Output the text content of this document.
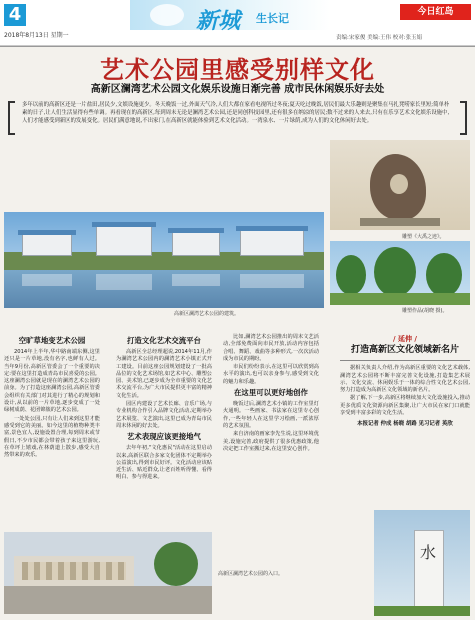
4
2018年8月13日 星期一
新城 生长记
责编:宋家俊 美编:王伟 校对:张玉娟
今日红岛
艺术公园里感受别样文化
高新区澜湾艺术公园文化娱乐设施日渐完善 成市民休闲娱乐好去处

多年以前的高新区还是一片盐田,居民少,文娱设施更少。冬天晚饭一过,外面天气冷,人们大都在家看电视所过冬夜;夏天吃过晚饭,居民们最大乐趣则是聚集在马扎凳唠家长里短;简单朴素的日子,让人们生活显得有些单调。再看现在的高新区,每到周末无论是澜湾艺术公园,还是同创科技园里,还有很多在纳凉的居民;数不过来的人来去,只有在乐享艺术文化娱乐设施中,人们才能感受到新区的发展变化。居民们满意地说,不出家门,在高新区就能体验到艺术文化活动。一湾泉水、一片绿荫,成为人们的文化休闲好去处。

高新区澜湾艺术公园的建筑。
雕塑《大禹之迹》。
雕塑作品(胡晓 摄)。
空旷草地变艺术公园

2014年上半年,华中路南端东侧,这里还只是一片草地,没有名字,也鲜有人过。当年9月份,高新区管委会了一个重要的决定:要在这里打造成青岛市民喜爱的公园。这座澜湾公园就是现在的澜湾艺术公园的前身。为了打造这座澜湾公园,高新区管委会组织有关部门对其进行了精心的规划和设计,从以前的一片草地,逐步变成了一处绿树成荫、花团锦簇的艺术公园。

一处处公园,只有让人们来到这里才能感受到它的美丽。如今这里的植物种类丰富,景色宜人,设施设置合理,每到周末或节假日,不少市民都会带着孩子来这里游玩,在草坪上嬉戏,在林荫道上散步,感受大自然带来的欢乐。

打造文化艺术交流平台

高新区全总经理超说,2014年11月,作为澜湾艺术公园内的澜湾艺术小镇正式开工建设。目前这座公园规划建设了一批高品位的文化艺术场馆,如艺术中心、雕塑公园、美术馆,已逐步成为全市重要的文化艺术交流平台,为广大市民提供更丰富的精神文化生活。

园区内建设了艺术长廊、音乐广场,与专业机构合作引入品牌文化活动,定期举办艺术展览、文艺演出,这里已成为青岛市民周末休闲的好去处。

艺术表现应该更接地气

去年年初,"文化惠民"活动在这里启动以来,高新区联合多家文化团体不定期举办公益演出,得到市民好评。文化活动应该贴近生活、贴近群众,让老百姓听得懂、看得明白、参与得进来。

比如,澜湾艺术公园推出的周末文艺活动,全部免费面向市民开放,活动内容包括合唱、舞蹈、戏曲等多种形式,一次次活动成为市民的期盼。

市民们纷纷表示,在这里可以欣赏到高水平的演出,也可以亲身参与,感受到文化的魅力和乐趣。

在这里可以更好地创作

晚饭过后,澜湾艺术小镇的工作室里灯火通明。一些画家、书法家在这里专心创作,一些年轻人在这里学习绘画,一派浓厚的艺术氛围。

来自济南的画家李先生说,这里环境优美,设施完善,政府提供了很多优惠政策,他决定把工作室搬过来,在这里安心创作。

/ 延伸 /
打造高新区文化领域新名片

据相关负责人介绍,作为高新区重要的文化艺术载体,澜湾艺术公园将不断丰富完善文化设施,打造集艺术展示、文化交流、休闲娱乐于一体的综合性文化艺术公园,努力打造成为高新区文化领域的新名片。

据了解,下一步,高新区将继续加大文化设施投入,推动更多优质文化资源向新区集聚,让广大市民在家门口就能享受到丰富多彩的文化生活。

本报记者 仲成 杨晓 胡路 见习记者 英欣
水
高新区澜湾艺术公园的入口。
